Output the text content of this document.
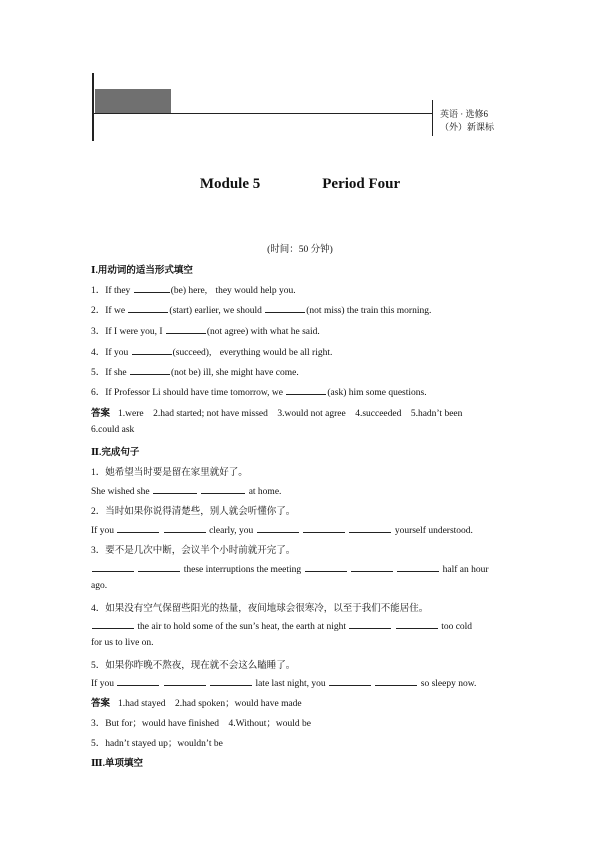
英语 · 选修6
（外）新课标
Module 5	Period Four
(时间：50 分钟)
Ⅰ.用动词的适当形式填空
1．If they	(be) here, they would help you.
2．If we	(start) earlier, we should	(not miss) the train this morning.
3．If I were you, I	(not agree) with what he said.
4．If you	(succeed), everything would be all right.
5．If she	(not be) ill, she might have come.
6．If Professor Li should have time tomorrow, we	(ask) him some questions.
答案 1.were　2.had started; not have missed　3.would not agree　4.succeeded　5.hadn’t been
6.could ask
Ⅱ.完成句子
1．她希望当时要是留在家里就好了。
She wished she	at home.
2．当时如果你说得清楚些，别人就会听懂你了。
If you	clearly, you	yourself understood.
3．要不是几次中断，会议半个小时前就开完了。
these interruptions the meeting	half an hour
ago.
4．如果没有空气保留些阳光的热量，夜间地球会很寒冷，以至于我们不能居住。
the air to hold some of the sun’s heat, the earth at night	too cold
for us to live on.
5．如果你昨晚不熬夜，现在就不会这么瞌睡了。
If you	late last night, you	so sleepy now.
答案 1.had stayed　2.had spoken；would have made
3．But for；would have finished　4.Without；would be
5．hadn’t stayed up；wouldn’t be
Ⅲ.单项填空
